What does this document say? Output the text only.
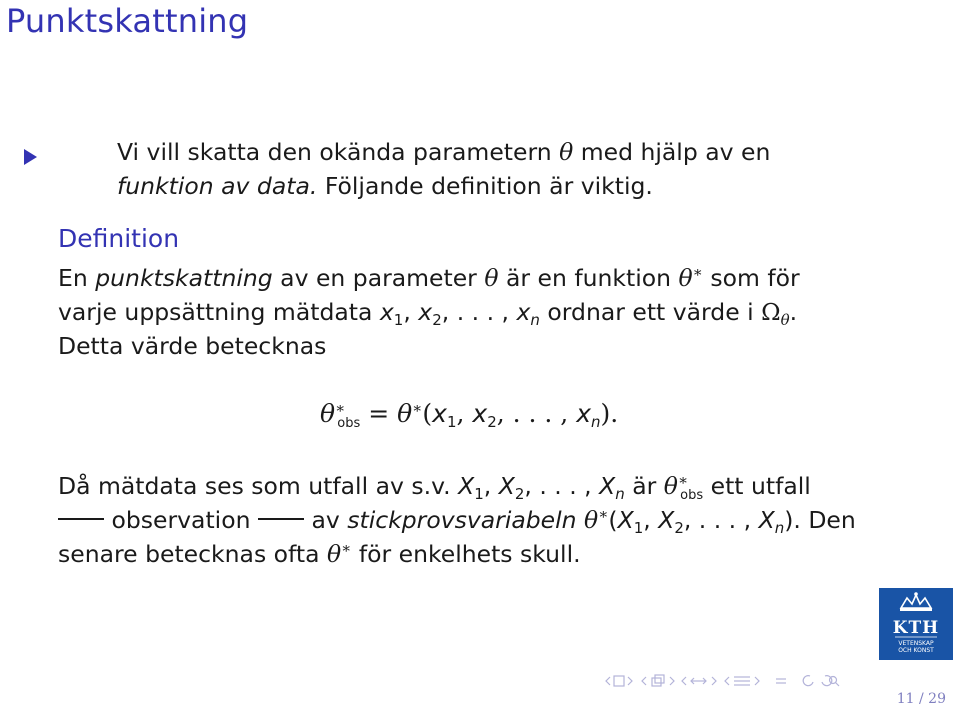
Punktskattning
Vi vill skatta den okända parametern θ med hjälp av en
funktion av data. Följande definition är viktig.
Definition
En punktskattning av en parameter θ är en funktion θ∗ som för
varje uppsättning mätdata $x_1$, $x_2$, . . . , $x_n$ ordnar ett värde i $\Omega_\theta$.
Detta värde betecknas
$\theta^∗_{obs} = \theta^∗(x_1$, $x_2$, . . . , $x_n$).
Då mätdata ses som utfall av s.v. $X_1$, $X_2$, . . . , $X_n$ är $\theta^∗_{obs}$ ett utfall
observation	av stickprovsvariabeln $\theta^∗(X_1$, $X_2$, . . . , $X_n$). Den
senare betecknas ofta θ∗ för enkelhets skull.
KTH
VETENSKAP
OCH KONST
11 / 29
